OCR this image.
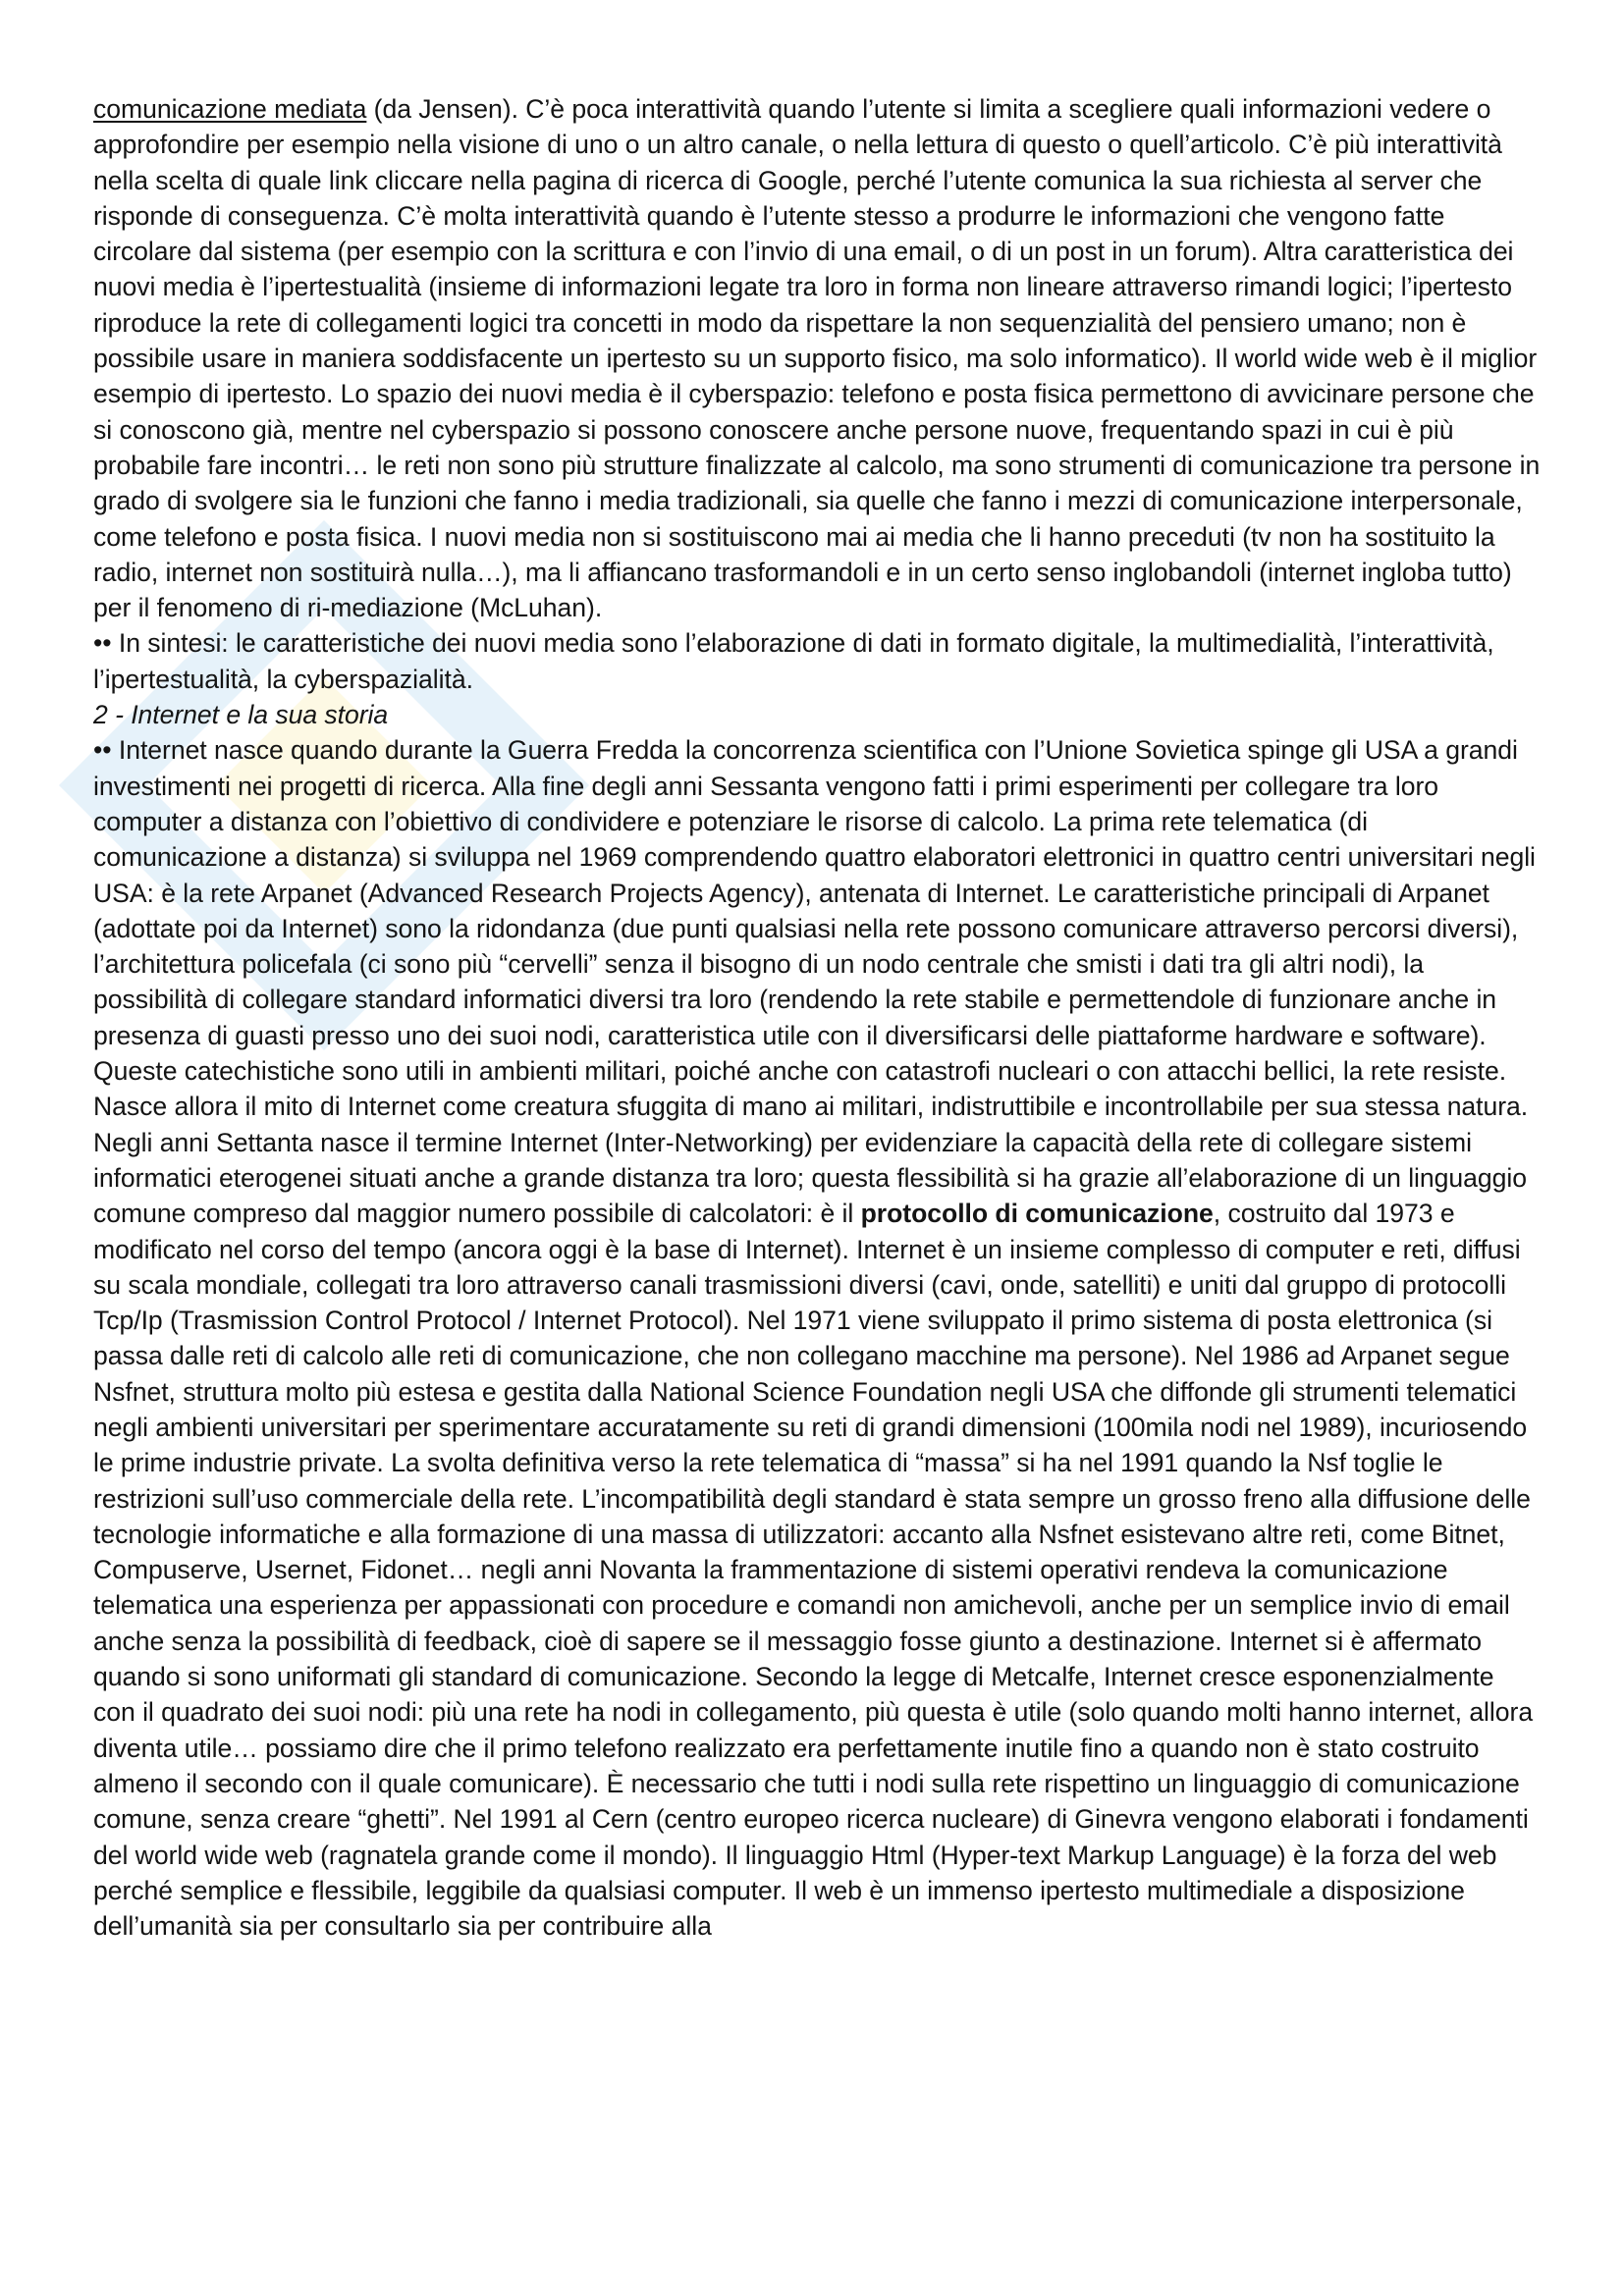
comunicazione mediata (da Jensen). C’è poca interattività quando l’utente si limita a scegliere quali informazioni vedere o approfondire per esempio nella visione di uno o un altro canale, o nella lettura di questo o quell’articolo. C’è più interattività nella scelta di quale link cliccare nella pagina di ricerca di Google, perché l’utente comunica la sua richiesta al server che risponde di conseguenza. C’è molta interattività quando è l’utente stesso a produrre le informazioni che vengono fatte circolare dal sistema (per esempio con la scrittura e con l’invio di una email, o di un post in un forum). Altra caratteristica dei nuovi media è l’ipertestualità (insieme di informazioni legate tra loro in forma non lineare attraverso rimandi logici; l’ipertesto riproduce la rete di collegamenti logici tra concetti in modo da rispettare la non sequenzialità del pensiero umano; non è possibile usare in maniera soddisfacente un ipertesto su un supporto fisico, ma solo informatico). Il world wide web è il miglior esempio di ipertesto. Lo spazio dei nuovi media è il cyberspazio: telefono e posta fisica permettono di avvicinare persone che si conoscono già, mentre nel cyberspazio si possono conoscere anche persone nuove, frequentando spazi in cui è più probabile fare incontri… le reti non sono più strutture finalizzate al calcolo, ma sono strumenti di comunicazione tra persone in grado di svolgere sia le funzioni che fanno i media tradizionali, sia quelle che fanno i mezzi di comunicazione interpersonale, come telefono e posta fisica. I nuovi media non si sostituiscono mai ai media che li hanno preceduti (tv non ha sostituito la radio, internet non sostituirà nulla…), ma li affiancano trasformandoli e in un certo senso inglobandoli (internet ingloba tutto) per il fenomeno di ri-mediazione (McLuhan).

•• In sintesi: le caratteristiche dei nuovi media sono l’elaborazione di dati in formato digitale, la multimedialità, l’interattività, l’ipertestualità, la cyberspazialità.

2 - Internet e la sua storia

•• Internet nasce quando durante la Guerra Fredda la concorrenza scientifica con l’Unione Sovietica spinge gli USA a grandi investimenti nei progetti di ricerca. Alla fine degli anni Sessanta vengono fatti i primi esperimenti per collegare tra loro computer a distanza con l’obiettivo di condividere e potenziare le risorse di calcolo. La prima rete telematica (di comunicazione a distanza) si sviluppa nel 1969 comprendendo quattro elaboratori elettronici in quattro centri universitari negli USA: è la rete Arpanet (Advanced Research Projects Agency), antenata di Internet. Le caratteristiche principali di Arpanet (adottate poi da Internet) sono la ridondanza (due punti qualsiasi nella rete possono comunicare attraverso percorsi diversi), l’architettura policefala (ci sono più “cervelli” senza il bisogno di un nodo centrale che smisti i dati tra gli altri nodi), la possibilità di collegare standard informatici diversi tra loro (rendendo la rete stabile e permettendole di funzionare anche in presenza di guasti presso uno dei suoi nodi, caratteristica utile con il diversificarsi delle piattaforme hardware e software). Queste catechistiche sono utili in ambienti militari, poiché anche con catastrofi nucleari o con attacchi bellici, la rete resiste. Nasce allora il mito di Internet come creatura sfuggita di mano ai militari, indistruttibile e incontrollabile per sua stessa natura. Negli anni Settanta nasce il termine Internet (Inter-Networking) per evidenziare la capacità della rete di collegare sistemi informatici eterogenei situati anche a grande distanza tra loro; questa flessibilità si ha grazie all’elaborazione di un linguaggio comune compreso dal maggior numero possibile di calcolatori: è il protocollo di comunicazione, costruito dal 1973 e modificato nel corso del tempo (ancora oggi è la base di Internet). Internet è un insieme complesso di computer e reti, diffusi su scala mondiale, collegati tra loro attraverso canali trasmissioni diversi (cavi, onde, satelliti) e uniti dal gruppo di protocolli Tcp/Ip (Trasmission Control Protocol / Internet Protocol). Nel 1971 viene sviluppato il primo sistema di posta elettronica (si passa dalle reti di calcolo alle reti di comunicazione, che non collegano macchine ma persone). Nel 1986 ad Arpanet segue Nsfnet, struttura molto più estesa e gestita dalla National Science Foundation negli USA che diffonde gli strumenti telematici negli ambienti universitari per sperimentare accuratamente su reti di grandi dimensioni (100mila nodi nel 1989), incuriosendo le prime industrie private. La svolta definitiva verso la rete telematica di “massa” si ha nel 1991 quando la Nsf toglie le restrizioni sull’uso commerciale della rete. L’incompatibilità degli standard è stata sempre un grosso freno alla diffusione delle tecnologie informatiche e alla formazione di una massa di utilizzatori: accanto alla Nsfnet esistevano altre reti, come Bitnet, Compuserve, Usernet, Fidonet… negli anni Novanta la frammentazione di sistemi operativi rendeva la comunicazione telematica una esperienza per appassionati con procedure e comandi non amichevoli, anche per un semplice invio di email anche senza la possibilità di feedback, cioè di sapere se il messaggio fosse giunto a destinazione. Internet si è affermato quando si sono uniformati gli standard di comunicazione. Secondo la legge di Metcalfe, Internet cresce esponenzialmente con il quadrato dei suoi nodi: più una rete ha nodi in collegamento, più questa è utile (solo quando molti hanno internet, allora diventa utile… possiamo dire che il primo telefono realizzato era perfettamente inutile fino a quando non è stato costruito almeno il secondo con il quale comunicare). È necessario che tutti i nodi sulla rete rispettino un linguaggio di comunicazione comune, senza creare “ghetti”. Nel 1991 al Cern (centro europeo ricerca nucleare) di Ginevra vengono elaborati i fondamenti del world wide web (ragnatela grande come il mondo). Il linguaggio Html (Hyper-text Markup Language) è la forza del web perché semplice e flessibile, leggibile da qualsiasi computer. Il web è un immenso ipertesto multimediale a disposizione dell’umanità sia per consultarlo sia per contribuire alla
